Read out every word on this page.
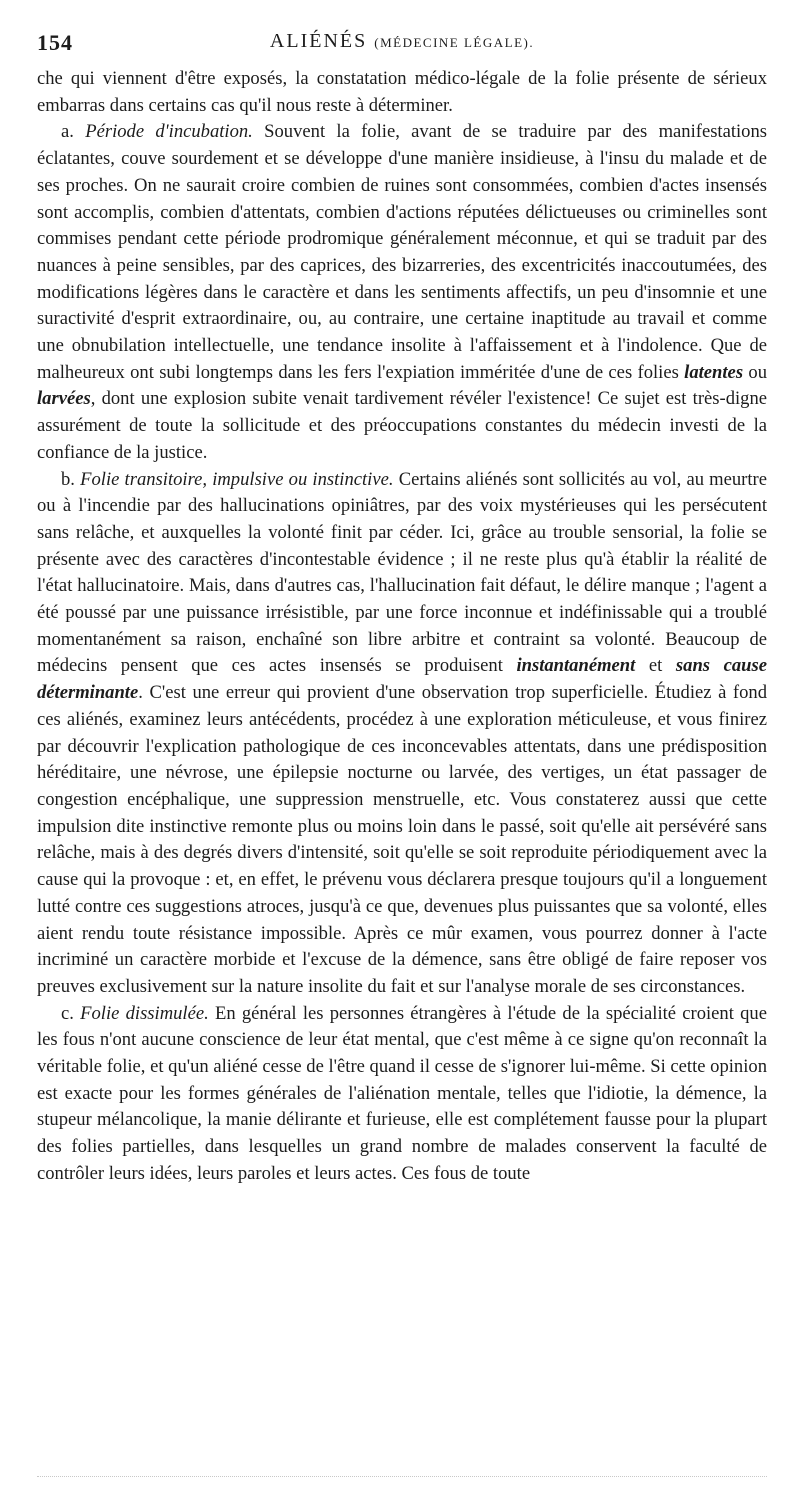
154	ALIÉNÉS (MÉDECINE LÉGALE).

che qui viennent d'être exposés, la constatation médico-légale de la folie présente de sérieux embarras dans certains cas qu'il nous reste à déterminer.

a. Période d'incubation. Souvent la folie, avant de se traduire par des manifestations éclatantes, couve sourdement et se développe d'une manière insidieuse, à l'insu du malade et de ses proches. On ne saurait croire combien de ruines sont consommées, combien d'actes insensés sont accomplis, combien d'attentats, combien d'actions réputées délictueuses ou criminelles sont commises pendant cette période prodromique généralement méconnue, et qui se traduit par des nuances à peine sensibles, par des caprices, des bizarreries, des excentricités inaccoutumées, des modifications légères dans le caractère et dans les sentiments affectifs, un peu d'insomnie et une suractivité d'esprit extraordinaire, ou, au contraire, une certaine inaptitude au travail et comme une obnubilation intellectuelle, une tendance insolite à l'affaissement et à l'indolence. Que de malheureux ont subi longtemps dans les fers l'expiation imméritée d'une de ces folies latentes ou larvées, dont une explosion subite venait tardivement révéler l'existence! Ce sujet est très-digne assurément de toute la sollicitude et des préoccupations constantes du médecin investi de la confiance de la justice.

b. Folie transitoire, impulsive ou instinctive. Certains aliénés sont sollicités au vol, au meurtre ou à l'incendie par des hallucinations opiniâtres, par des voix mystérieuses qui les persécutent sans relâche, et auxquelles la volonté finit par céder. Ici, grâce au trouble sensorial, la folie se présente avec des caractères d'incontestable évidence ; il ne reste plus qu'à établir la réalité de l'état hallucinatoire. Mais, dans d'autres cas, l'hallucination fait défaut, le délire manque ; l'agent a été poussé par une puissance irrésistible, par une force inconnue et indéfinissable qui a troublé momentanément sa raison, enchaîné son libre arbitre et contraint sa volonté. Beaucoup de médecins pensent que ces actes insensés se produisent instantanément et sans cause déterminante. C'est une erreur qui provient d'une observation trop superficielle. Étudiez à fond ces aliénés, examinez leurs antécédents, procédez à une exploration méticuleuse, et vous finirez par découvrir l'explication pathologique de ces inconcevables attentats, dans une prédisposition héréditaire, une névrose, une épilepsie nocturne ou larvée, des vertiges, un état passager de congestion encéphalique, une suppression menstruelle, etc. Vous constaterez aussi que cette impulsion dite instinctive remonte plus ou moins loin dans le passé, soit qu'elle ait persévéré sans relâche, mais à des degrés divers d'intensité, soit qu'elle se soit reproduite périodiquement avec la cause qui la provoque : et, en effet, le prévenu vous déclarera presque toujours qu'il a longuement lutté contre ces suggestions atroces, jusqu'à ce que, devenues plus puissantes que sa volonté, elles aient rendu toute résistance impossible. Après ce mûr examen, vous pourrez donner à l'acte incriminé un caractère morbide et l'excuse de la démence, sans être obligé de faire reposer vos preuves exclusivement sur la nature insolite du fait et sur l'analyse morale de ses circonstances.

c. Folie dissimulée. En général les personnes étrangères à l'étude de la spécialité croient que les fous n'ont aucune conscience de leur état mental, que c'est même à ce signe qu'on reconnaît la véritable folie, et qu'un aliéné cesse de l'être quand il cesse de s'ignorer lui-même. Si cette opinion est exacte pour les formes générales de l'aliénation mentale, telles que l'idiotie, la démence, la stupeur mélancolique, la manie délirante et furieuse, elle est complétement fausse pour la plupart des folies partielles, dans lesquelles un grand nombre de malades conservent la faculté de contrôler leurs idées, leurs paroles et leurs actes. Ces fous de toute
